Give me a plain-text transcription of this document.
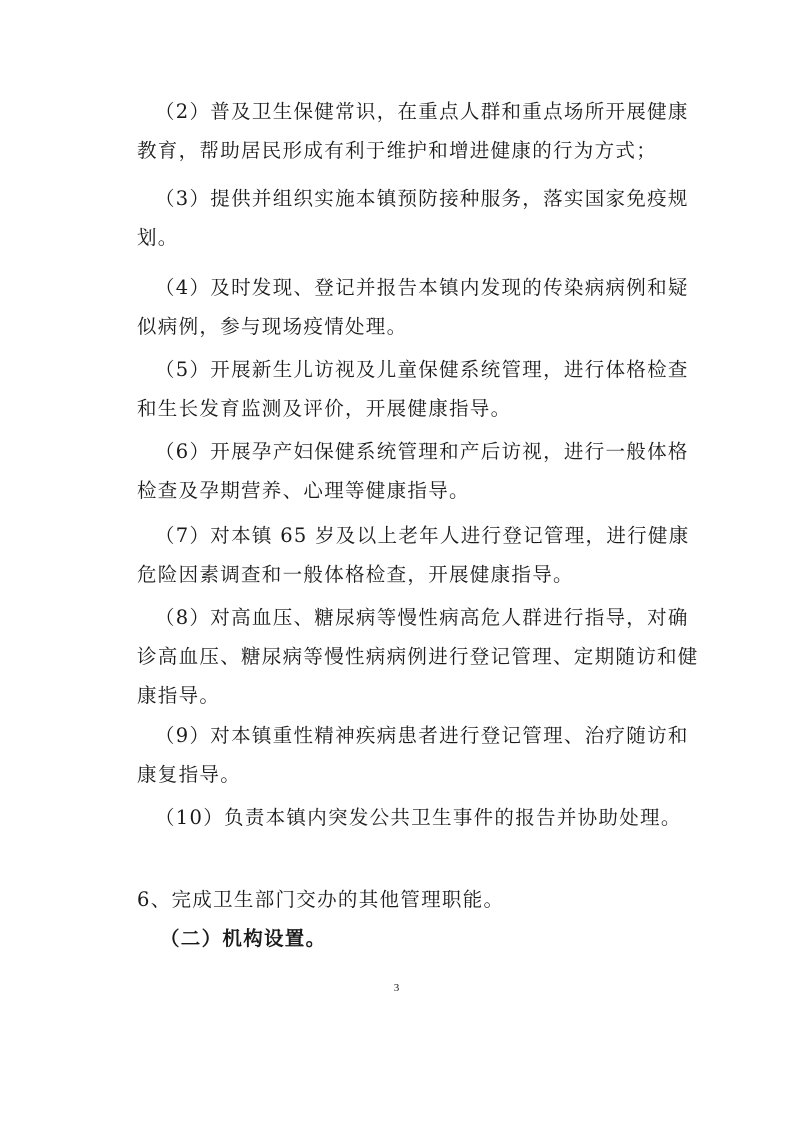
（2）普及卫生保健常识，在重点人群和重点场所开展健康
教育，帮助居民形成有利于维护和增进健康的行为方式；
（3）提供并组织实施本镇预防接种服务，落实国家免疫规
划。
（4）及时发现、登记并报告本镇内发现的传染病病例和疑
似病例，参与现场疫情处理。
（5）开展新生儿访视及儿童保健系统管理，进行体格检查
和生长发育监测及评价，开展健康指导。
（6）开展孕产妇保健系统管理和产后访视，进行一般体格
检查及孕期营养、心理等健康指导。
（7）对本镇 65 岁及以上老年人进行登记管理，进行健康
危险因素调查和一般体格检查，开展健康指导。
（8）对高血压、糖尿病等慢性病高危人群进行指导，对确
诊高血压、糖尿病等慢性病病例进行登记管理、定期随访和健
康指导。
（9）对本镇重性精神疾病患者进行登记管理、治疗随访和
康复指导。
（10）负责本镇内突发公共卫生事件的报告并协助处理。
6、完成卫生部门交办的其他管理职能。
（二）机构设置。
3
